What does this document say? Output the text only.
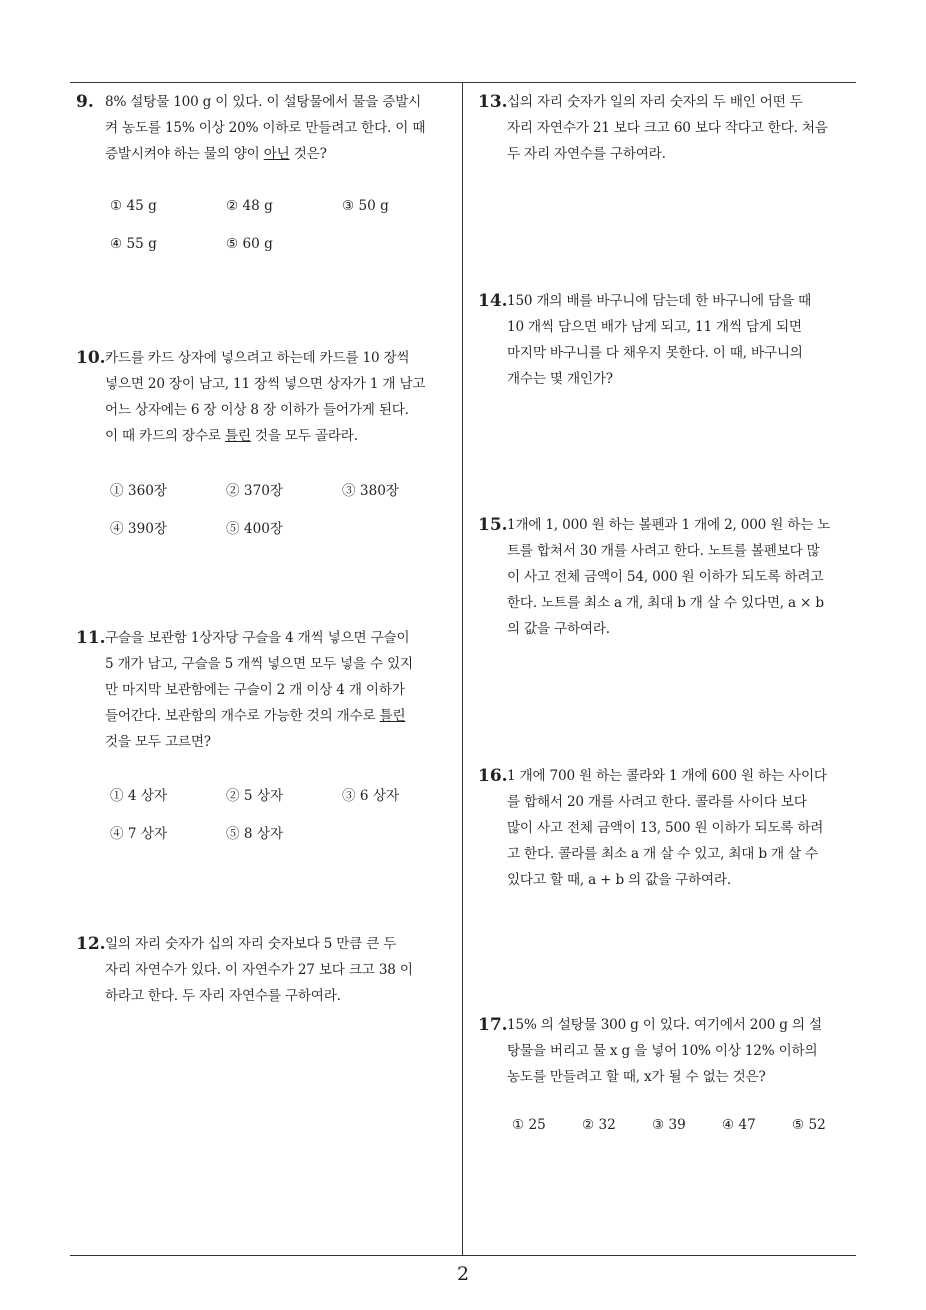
9. 8% 설탕물 100 g 이 있다. 이 설탕물에서 물을 증발시
켜 농도를 15% 이상 20% 이하로 만들려고 한다. 이 때
증발시켜야 하는 물의 양이 아닌 것은?
① 45 g	② 48 g	③ 50 g
④ 55 g	⑤ 60 g
10. 카드를 카드 상자에 넣으려고 하는데 카드를 10 장씩
넣으면 20 장이 남고, 11 장씩 넣으면 상자가 1 개 남고
어느 상자에는 6 장 이상 8 장 이하가 들어가게 된다.
이 때 카드의 장수로 틀린 것을 모두 골라라.
① 360장	② 370장	③ 380장
④ 390장	⑤ 400장
11. 구슬을 보관함 1상자당 구슬을 4 개씩 넣으면 구슬이
5 개가 남고, 구슬을 5 개씩 넣으면 모두 넣을 수 있지
만 마지막 보관함에는 구슬이 2 개 이상 4 개 이하가
들어간다. 보관함의 개수로 가능한 것의 개수로 틀린
것을 모두 고르면?
① 4 상자	② 5 상자	③ 6 상자
④ 7 상자	⑤ 8 상자
12. 일의 자리 숫자가 십의 자리 숫자보다 5 만큼 큰 두
자리 자연수가 있다. 이 자연수가 27 보다 크고 38 이
하라고 한다. 두 자리 자연수를 구하여라.
13. 십의 자리 숫자가 일의 자리 숫자의 두 배인 어떤 두
자리 자연수가 21 보다 크고 60 보다 작다고 한다. 처음
두 자리 자연수를 구하여라.
14. 150 개의 배를 바구니에 담는데 한 바구니에 담을 때
10 개씩 담으면 배가 남게 되고, 11 개씩 담게 되면
마지막 바구니를 다 채우지 못한다. 이 때, 바구니의
개수는 몇 개인가?
15. 1개에 1, 000 원 하는 볼펜과 1 개에 2, 000 원 하는 노
트를 합쳐서 30 개를 사려고 한다. 노트를 볼펜보다 많
이 사고 전체 금액이 54, 000 원 이하가 되도록 하려고
한다. 노트를 최소 a 개, 최대 b 개 살 수 있다면, a × b
의 값을 구하여라.
16. 1 개에 700 원 하는 콜라와 1 개에 600 원 하는 사이다
를 합해서 20 개를 사려고 한다. 콜라를 사이다 보다
많이 사고 전체 금액이 13, 500 원 이하가 되도록 하려
고 한다. 콜라를 최소 a 개 살 수 있고, 최대 b 개 살 수
있다고 할 때, a + b 의 값을 구하여라.
17. 15% 의 설탕물 300 g 이 있다. 여기에서 200 g 의 설
탕물을 버리고 물 x g 을 넣어 10% 이상 12% 이하의
농도를 만들려고 할 때, x가 될 수 없는 것은?
① 25	② 32	③ 39	④ 47	⑤ 52
2
